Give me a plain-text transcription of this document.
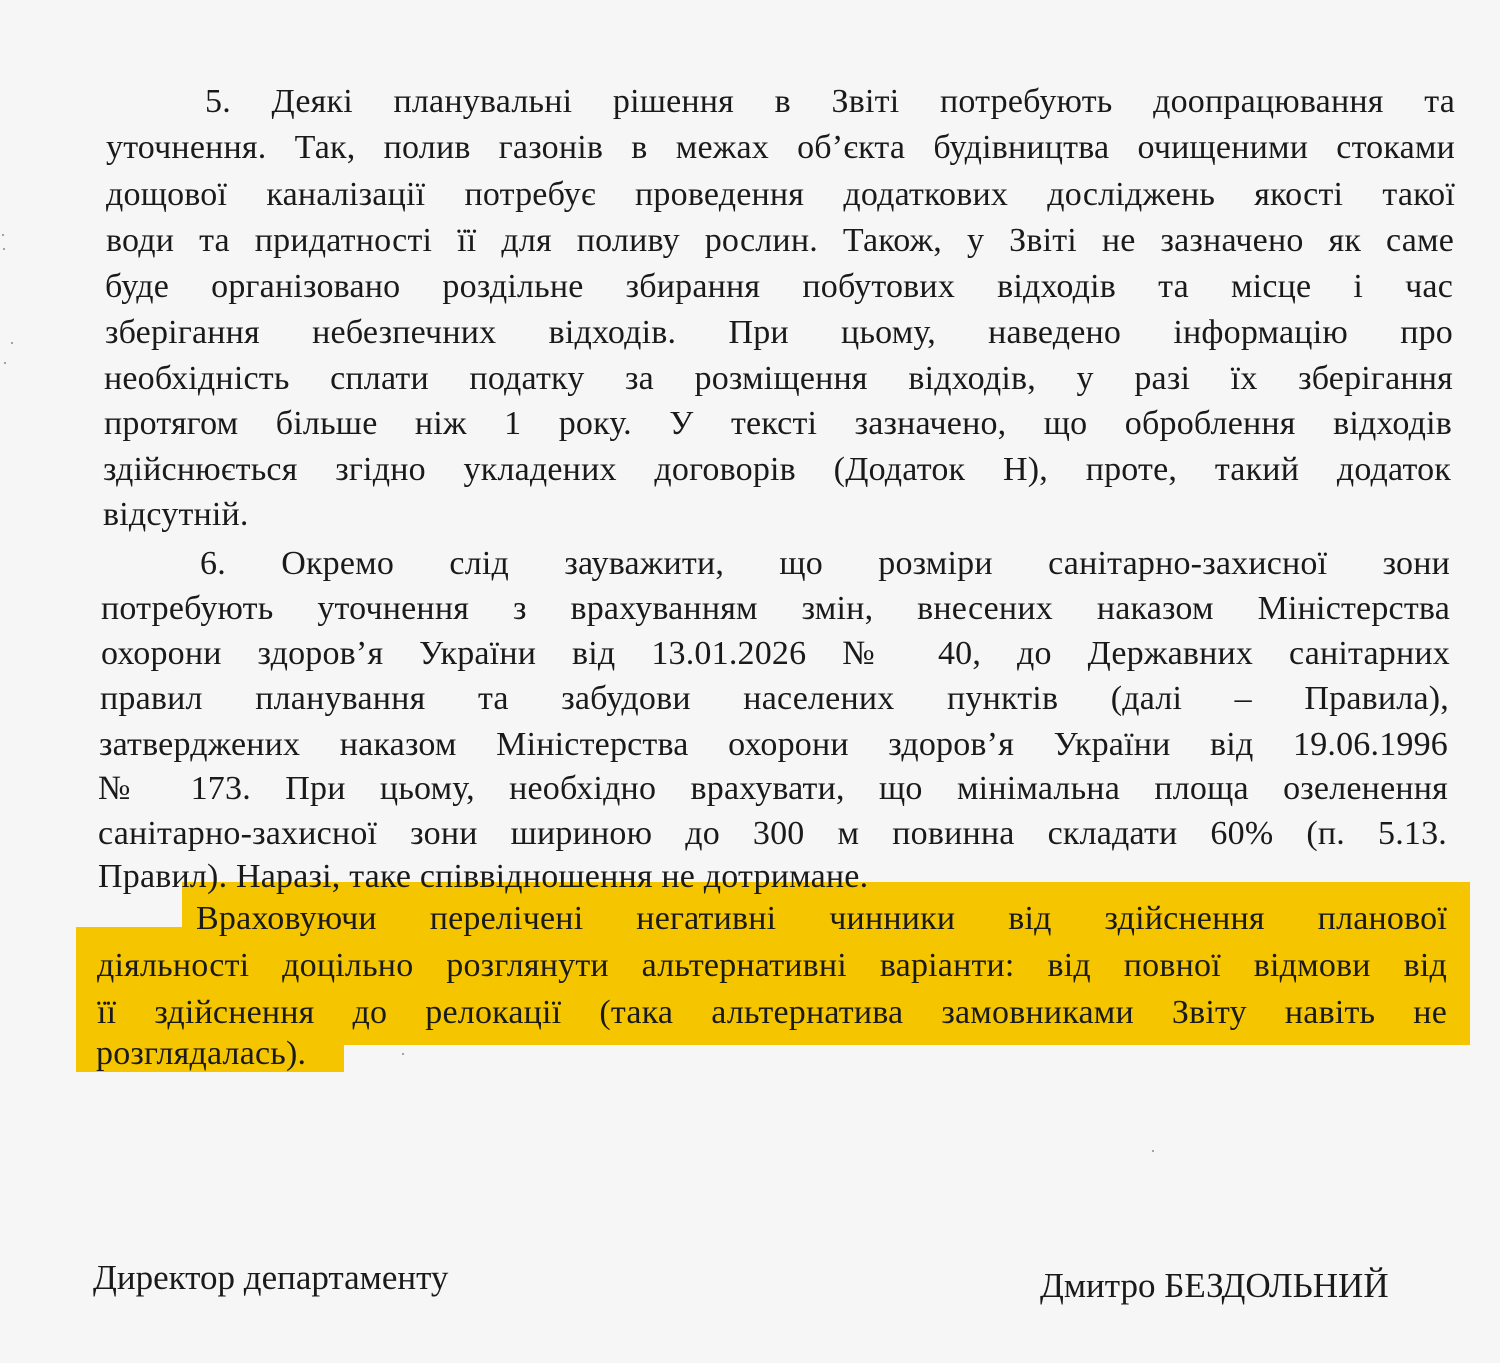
5. Деякі планувальні рішення в Звіті потребують доопрацювання та
уточнення. Так, полив газонів в межах об’єкта будівництва очищеними стоками
дощової каналізації потребує проведення додаткових досліджень якості такої
води та придатності її для поливу рослин. Також, у Звіті не зазначено як саме
буде організовано роздільне збирання побутових відходів та місце і час
зберігання небезпечних відходів. При цьому, наведено інформацію про
необхідність сплати податку за розміщення відходів, у разі їх зберігання
протягом більше ніж 1 року. У тексті зазначено, що оброблення відходів
здійснюється згідно укладених договорів (Додаток Н), проте, такий додаток
відсутній.
6. Окремо слід зауважити, що розміри санітарно-захисної зони
потребують уточнення з врахуванням змін, внесених наказом Міністерства
охорони здоров’я України від 13.01.2026 № 40, до Державних санітарних
правил планування та забудови населених пунктів (далі – Правила),
затверджених наказом Міністерства охорони здоров’я України від 19.06.1996
№ 173. При цьому, необхідно врахувати, що мінімальна площа озеленення
санітарно-захисної зони шириною до 300 м повинна складати 60% (п. 5.13.
Правил). Наразі, таке співвідношення не дотримане.
Враховуючи перелічені негативні чинники від здійснення планової
діяльності доцільно розглянути альтернативні варіанти: від повної відмови від
її здійснення до релокації (така альтернатива замовниками Звіту навіть не
розглядалась).
Директор департаменту	Дмитро БЕЗДОЛЬНИЙ
